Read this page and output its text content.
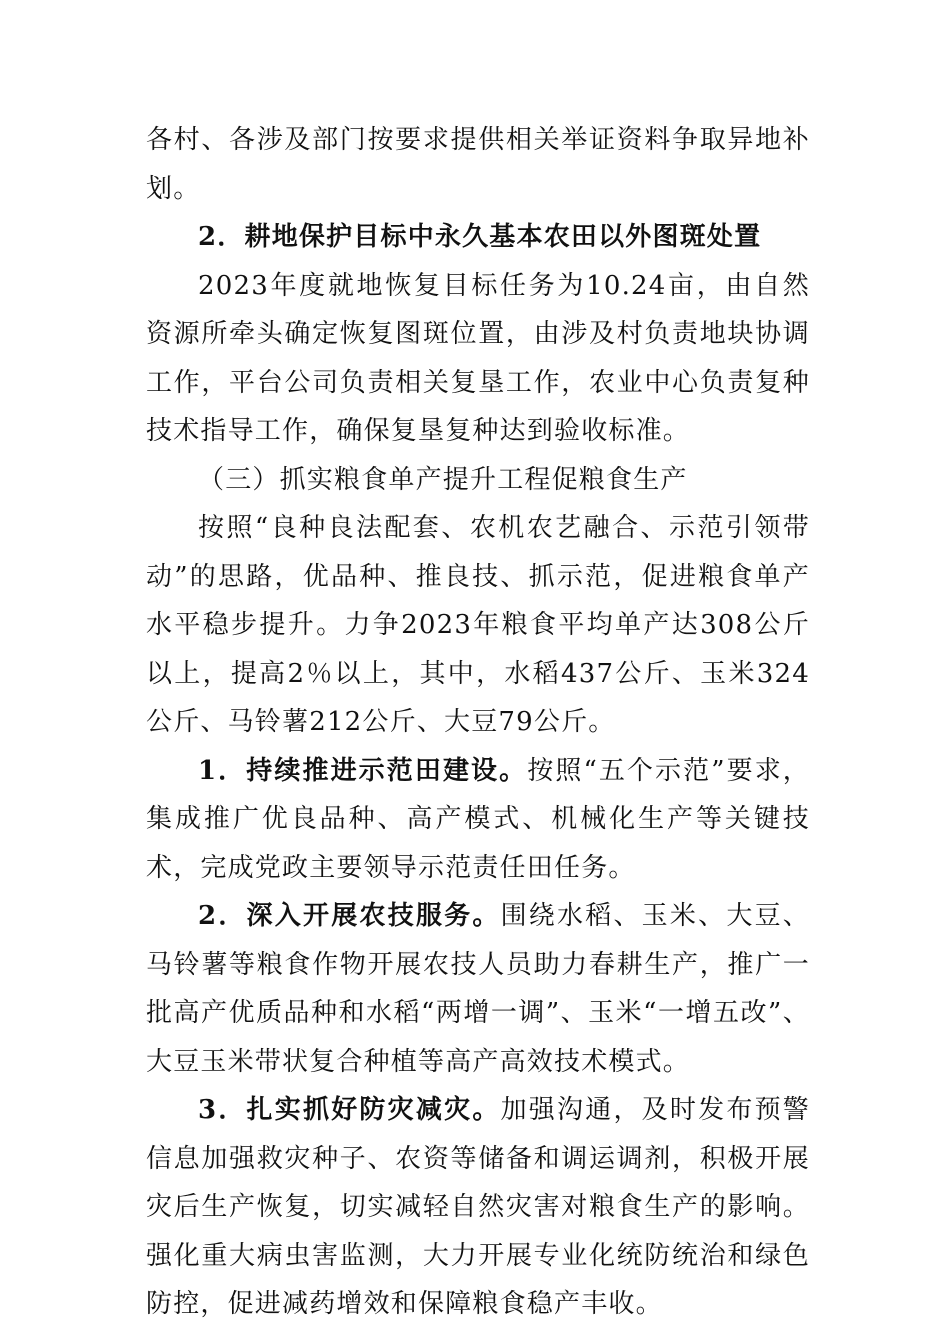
各村、各涉及部门按要求提供相关举证资料争取异地补划。

2．耕地保护目标中永久基本农田以外图斑处置

2023年度就地恢复目标任务为10.24亩，由自然资源所牵头确定恢复图斑位置，由涉及村负责地块协调工作，平台公司负责相关复垦工作，农业中心负责复种技术指导工作，确保复垦复种达到验收标准。

（三）抓实粮食单产提升工程促粮食生产

按照“良种良法配套、农机农艺融合、示范引领带动”的思路，优品种、推良技、抓示范，促进粮食单产水平稳步提升。力争2023年粮食平均单产达308公斤以上，提高2％以上，其中，水稻437公斤、玉米324公斤、马铃薯212公斤、大豆79公斤。

1．持续推进示范田建设。按照“五个示范”要求，集成推广优良品种、高产模式、机械化生产等关键技术，完成党政主要领导示范责任田任务。

2．深入开展农技服务。围绕水稻、玉米、大豆、马铃薯等粮食作物开展农技人员助力春耕生产，推广一批高产优质品种和水稻“两增一调”、玉米“一增五改”、大豆玉米带状复合种植等高产高效技术模式。

3．扎实抓好防灾减灾。加强沟通，及时发布预警信息加强救灾种子、农资等储备和调运调剂，积极开展灾后生产恢复，切实减轻自然灾害对粮食生产的影响。强化重大病虫害监测，大力开展专业化统防统治和绿色防控，促进减药增效和保障粮食稳产丰收。
